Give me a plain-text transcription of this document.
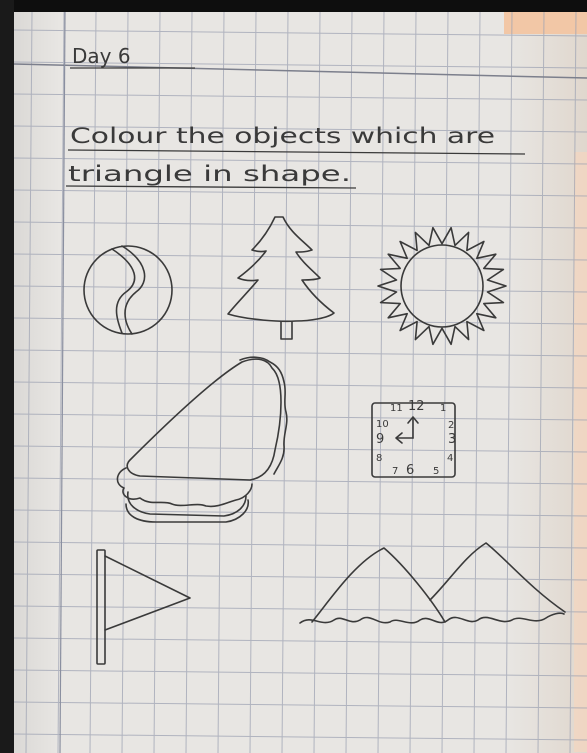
Day 6
Colour the objects which are
triangle in shape.
11 12 1
10	2
9	3
8	4
7 6 5
